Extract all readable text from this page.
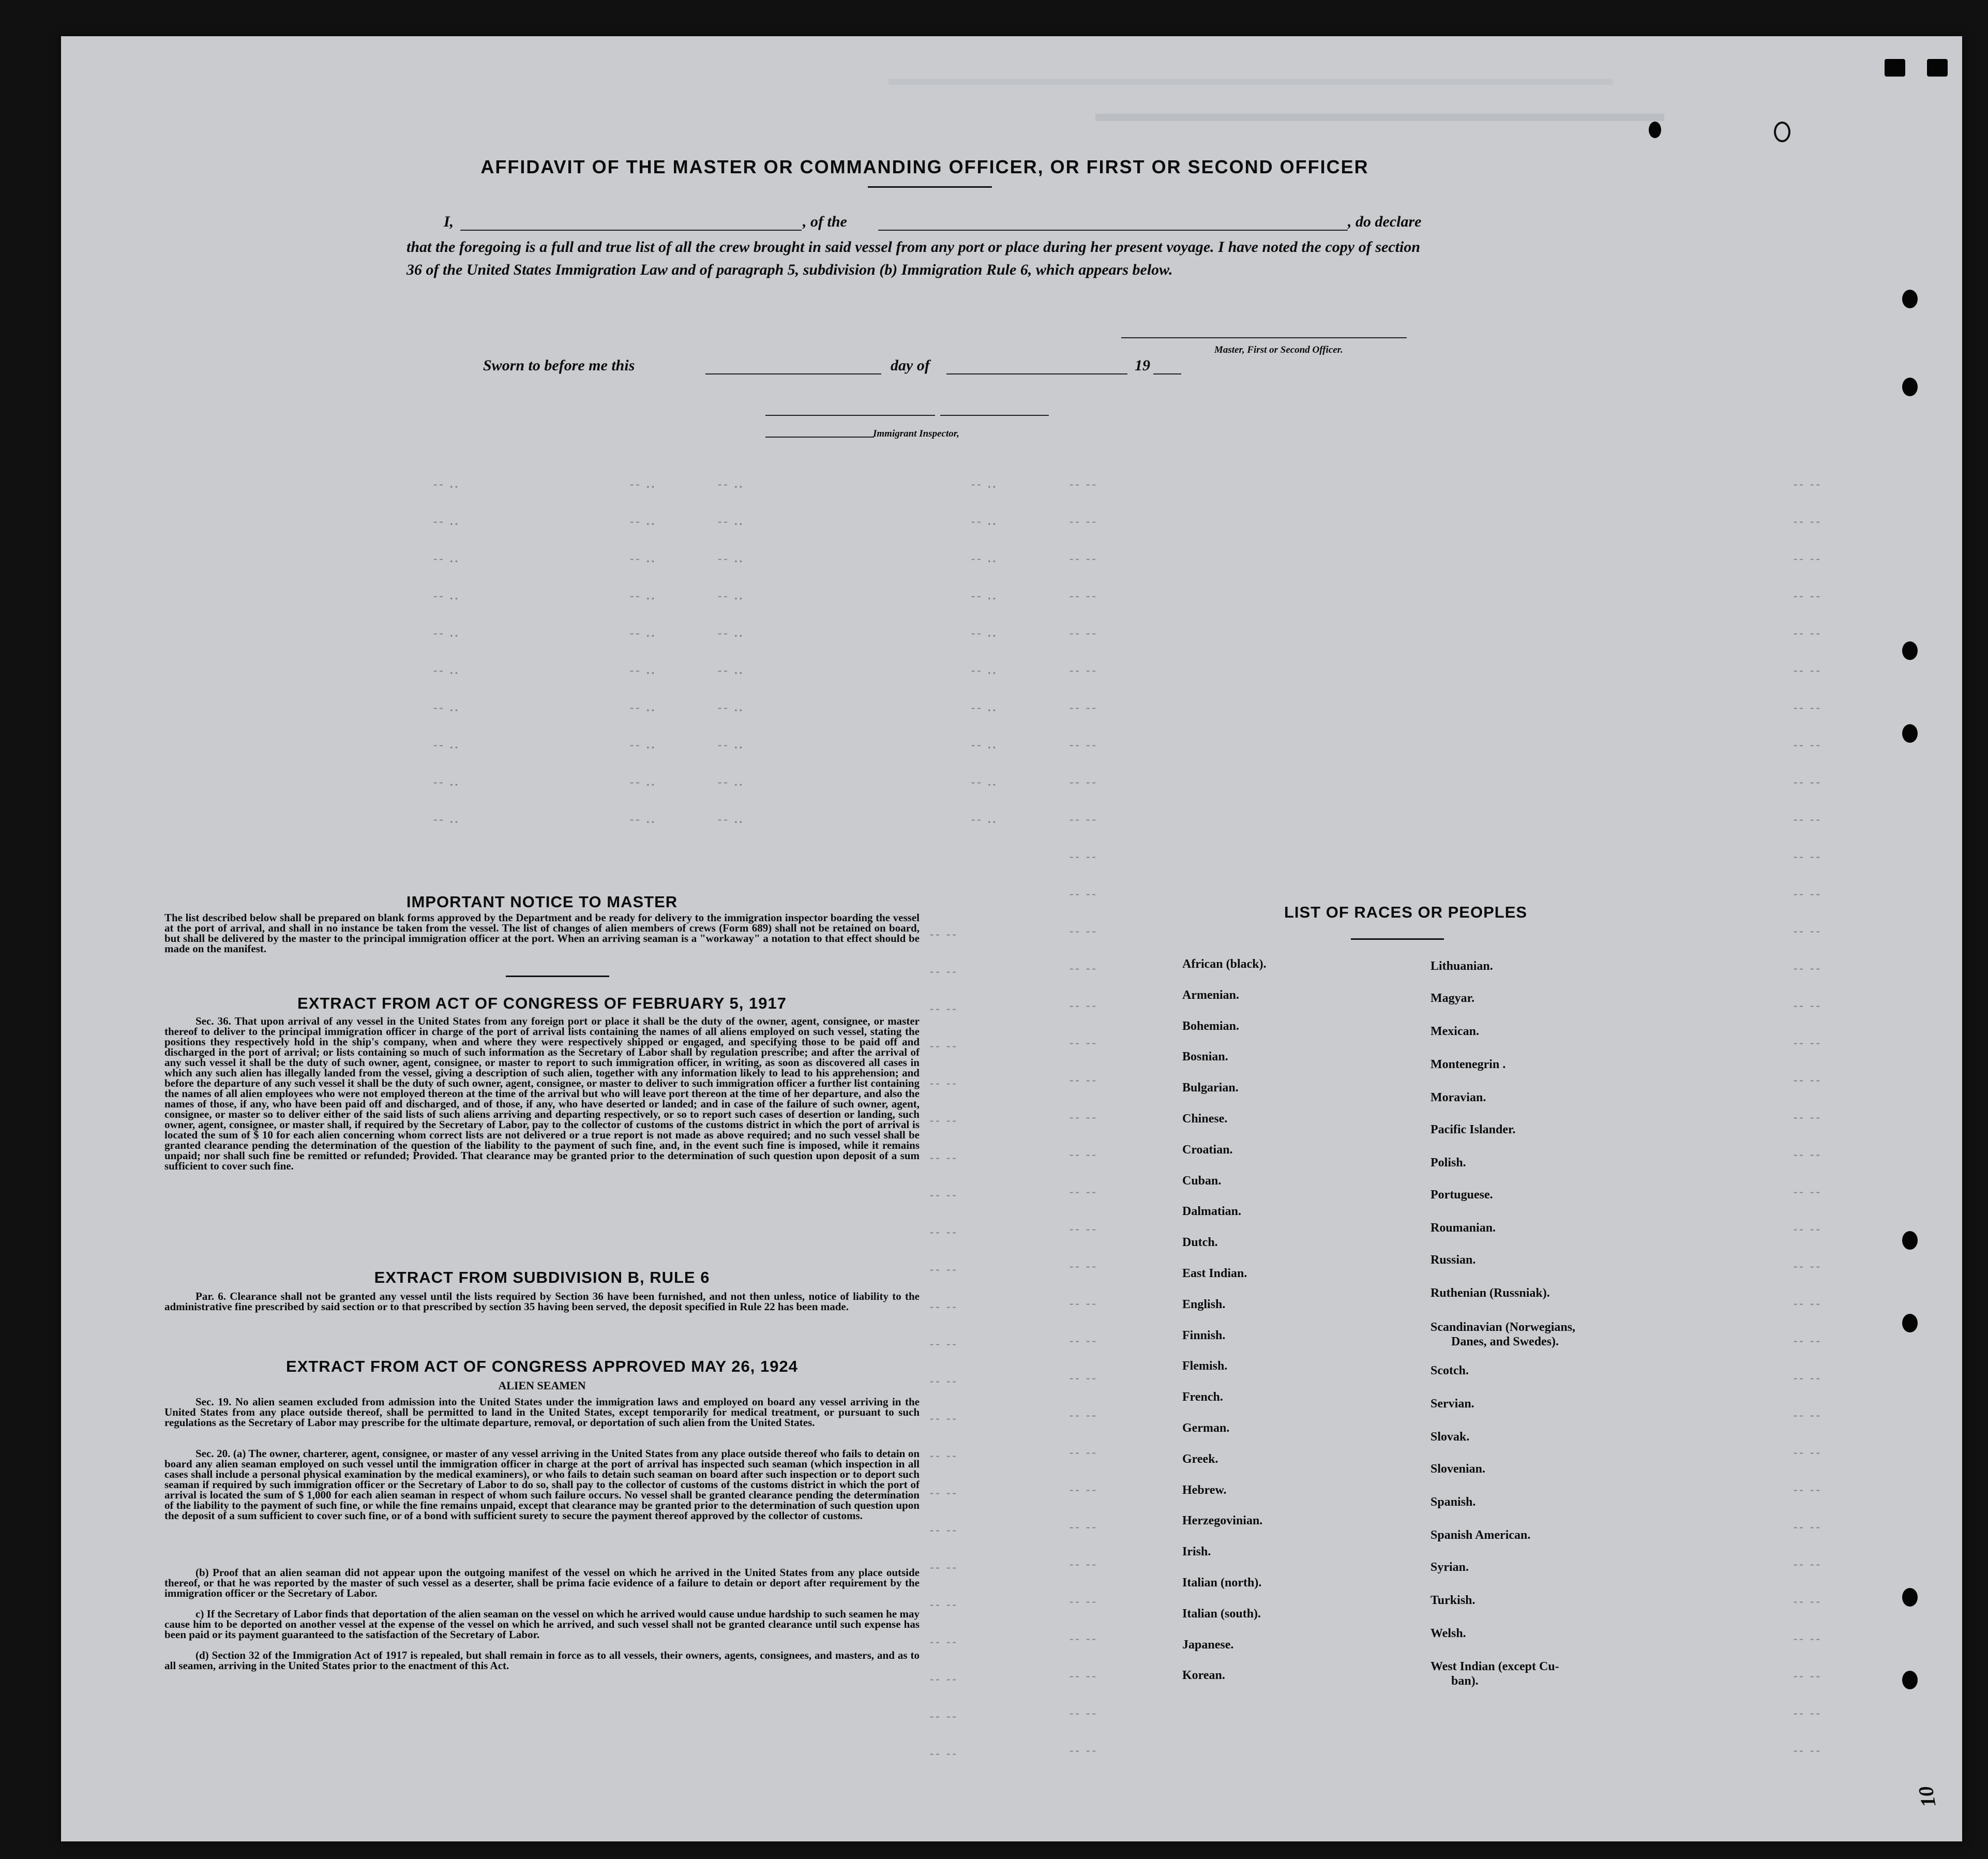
AFFIDAVIT OF THE MASTER OR COMMANDING OFFICER, OR FIRST OR SECOND OFFICER
I,	, of the	, do declare
that the foregoing is a full and true list of all the crew brought in said vessel from any port or place during her present voyage. I have noted the copy of section 36 of the United States Immigration Law and of paragraph 5, subdivision (b) Immigration Rule 6, which appears below.
Master, First or Second Officer.
Sworn to before me this	day of	19
Immigrant Inspector,
-- ..
-- ..
-- ..
-- ..
-- ..
-- ..
-- ..
-- ..
-- ..
-- ..
-- ..
-- ..
-- ..
-- ..
-- ..
-- ..
-- ..
-- ..
-- ..
-- ..
-- ..
-- ..
-- ..
-- ..
-- ..
-- ..
-- ..
-- ..
-- ..
-- ..
-- ..
-- ..
-- ..
-- ..
-- ..
-- ..
-- ..
-- ..
-- ..
-- ..
-- --
-- --
-- --
-- --
-- --
-- --
-- --
-- --
-- --
-- --
-- --
-- --
-- --
-- --
-- --
-- --
-- --
-- --
-- --
-- --
-- --
-- --
-- --
-- --
-- --
-- --
-- --
-- --
-- --
-- --
-- --
-- --
-- --
-- --
-- --
-- --
-- --
-- --
-- --
-- --
-- --
-- --
-- --
-- --
-- --
-- --
-- --
-- --
-- --
-- --
-- --
-- --
-- --
-- --
-- --
-- --
-- --
-- --
-- --
-- --
-- --
-- --
-- --
-- --
-- --
-- --
-- --
-- --
-- --
-- --
-- --
-- --
-- --
-- --
-- --
-- --
-- --
-- --
-- --
-- --
-- --
-- --
-- --
-- --
-- --
-- --
-- --
-- --
-- --
-- --
-- --
-- --
-- --
IMPORTANT NOTICE TO MASTER
The list described below shall be prepared on blank forms approved by the Department and be ready for delivery to the immigration inspector boarding the vessel at the port of arrival, and shall in no instance be taken from the vessel. The list of changes of alien members of crews (Form 689) shall not be retained on board, but shall be delivered by the master to the principal immigration officer at the port. When an arriving seaman is a "workaway" a notation to that effect should be made on the manifest.
EXTRACT FROM ACT OF CONGRESS OF FEBRUARY 5, 1917
Sec. 36. That upon arrival of any vessel in the United States from any foreign port or place it shall be the duty of the owner, agent, consignee, or master thereof to deliver to the principal immigration officer in charge of the port of arrival lists containing the names of all aliens employed on such vessel, stating the positions they respectively hold in the ship's company, when and where they were respectively shipped or engaged, and specifying those to be paid off and discharged in the port of arrival; or lists containing so much of such information as the Secretary of Labor shall by regulation prescribe; and after the arrival of any such vessel it shall be the duty of such owner, agent, consignee, or master to report to such immigration officer, in writing, as soon as discovered all cases in which any such alien has illegally landed from the vessel, giving a description of such alien, together with any information likely to lead to his apprehension; and before the departure of any such vessel it shall be the duty of such owner, agent, consignee, or master to deliver to such immigration officer a further list containing the names of all alien employees who were not employed thereon at the time of the arrival but who will leave port thereon at the time of her departure, and also the names of those, if any, who have been paid off and discharged, and of those, if any, who have deserted or landed; and in case of the failure of such owner, agent, consignee, or master so to deliver either of the said lists of such aliens arriving and departing respectively, or so to report such cases of desertion or landing, such owner, agent, consignee, or master shall, if required by the Secretary of Labor, pay to the collector of customs of the customs district in which the port of arrival is located the sum of $ 10 for each alien concerning whom correct lists are not delivered or a true report is not made as above required; and no such vessel shall be granted clearance pending the determination of the question of the liability to the payment of such fine, and, in the event such fine is imposed, while it remains unpaid; nor shall such fine be remitted or refunded; Provided. That clearance may be granted prior to the determination of such question upon deposit of a sum sufficient to cover such fine.
EXTRACT FROM SUBDIVISION B, RULE 6
Par. 6. Clearance shall not be granted any vessel until the lists required by Section 36 have been furnished, and not then unless, notice of liability to the administrative fine prescribed by said section or to that prescribed by section 35 having been served, the deposit specified in Rule 22 has been made.
EXTRACT FROM ACT OF CONGRESS APPROVED MAY 26, 1924
ALIEN SEAMEN
Sec. 19. No alien seamen excluded from admission into the United States under the immigration laws and employed on board any vessel arriving in the United States from any place outside thereof, shall be permitted to land in the United States, except temporarily for medical treatment, or pursuant to such regulations as the Secretary of Labor may prescribe for the ultimate departure, removal, or deportation of such alien from the United States.
Sec. 20. (a) The owner, charterer, agent, consignee, or master of any vessel arriving in the United States from any place outside thereof who fails to detain on board any alien seaman employed on such vessel until the immigration officer in charge at the port of arrival has inspected such seaman (which inspection in all cases shall include a personal physical examination by the medical examiners), or who fails to detain such seaman on board after such inspection or to deport such seaman if required by such immigration officer or the Secretary of Labor to do so, shall pay to the collector of customs of the customs district in which the port of arrival is located the sum of $ 1,000 for each alien seaman in respect of whom such failure occurs. No vessel shall be granted clearance pending the determination of the liability to the payment of such fine, or while the fine remains unpaid, except that clearance may be granted prior to the determination of such question upon the deposit of a sum sufficient to cover such fine, or of a bond with sufficient surety to secure the payment thereof approved by the collector of customs.
(b) Proof that an alien seaman did not appear upon the outgoing manifest of the vessel on which he arrived in the United States from any place outside thereof, or that he was reported by the master of such vessel as a deserter, shall be prima facie evidence of a failure to detain or deport after requirement by the immigration officer or the Secretary of Labor.
c) If the Secretary of Labor finds that deportation of the alien seaman on the vessel on which he arrived would cause undue hardship to such seamen he may cause him to be deported on another vessel at the expense of the vessel on which he arrived, and such vessel shall not be granted clearance until such expense has been paid or its payment guaranteed to the satisfaction of the Secretary of Labor.
(d) Section 32 of the Immigration Act of 1917 is repealed, but shall remain in force as to all vessels, their owners, agents, consignees, and masters, and as to all seamen, arriving in the United States prior to the enactment of this Act.
LIST OF RACES OR PEOPLES
10
African (black).
Armenian.
Bohemian.
Bosnian.
Bulgarian.
Chinese.
Croatian.
Cuban.
Dalmatian.
Dutch.
East Indian.
English.
Finnish.
Flemish.
French.
German.
Greek.
Hebrew.
Herzegovinian.
Irish.
Italian (north).
Italian (south).
Japanese.
Korean.
Lithuanian.
Magyar.
Mexican.
Montenegrin .
Moravian.
Pacific Islander.
Polish.
Portuguese.
Roumanian.
Russian.
Ruthenian (Russniak).
Scandinavian (Norwegians,
Danes, and Swedes).
Scotch.
Servian.
Slovak.
Slovenian.
Spanish.
Spanish American.
Syrian.
Turkish.
Welsh.
West Indian (except Cu-
ban).
